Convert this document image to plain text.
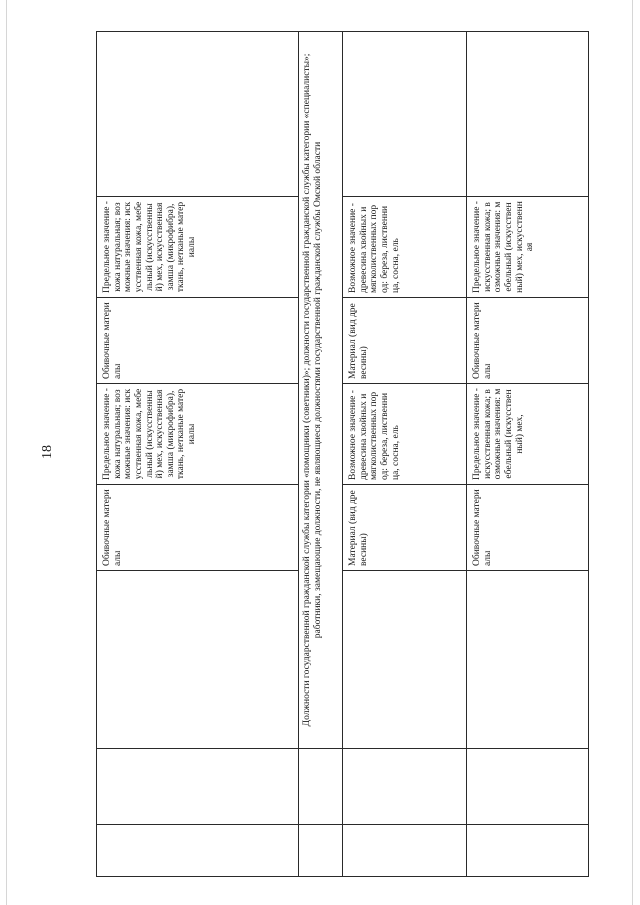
18
			Обивочные материалы	Предельное значение - кожа натуральная; возможные значения: искусственная кожа, мебельный (искусственный) мех, искусственная замша (микрофибра), ткань, нетканые материалы	Обивочные материалы	Предельное значение - кожа натуральная; возможные значения: искусственная кожа, мебельный (искусственный) мех, искусственная замша (микрофибра), ткань, нетканые материалы	
		Должности государственной гражданской службы категории «помощники (советники)»; должности государственной гражданской службы категории «специалисты»; работники, замещающие должности, не являющиеся должностями государственной гражданской службы Омской области					
			Материал (вид древесины)	Возможное значение - древесина хвойных и мягколиственных пород: береза, лиственница, сосна, ель	Материал (вид древесины)	Возможное значение - древесина хвойных и мягколиственных пород: береза, лиственница, сосна, ель	
			Обивочные материалы	Предельное значение - искусственная кожа; возможные значения: мебельный (искусственный) мех,	Обивочные материалы	Предельное значение - искусственная кожа; возможные значения: мебельный (искусственный) мех, искусственная	
